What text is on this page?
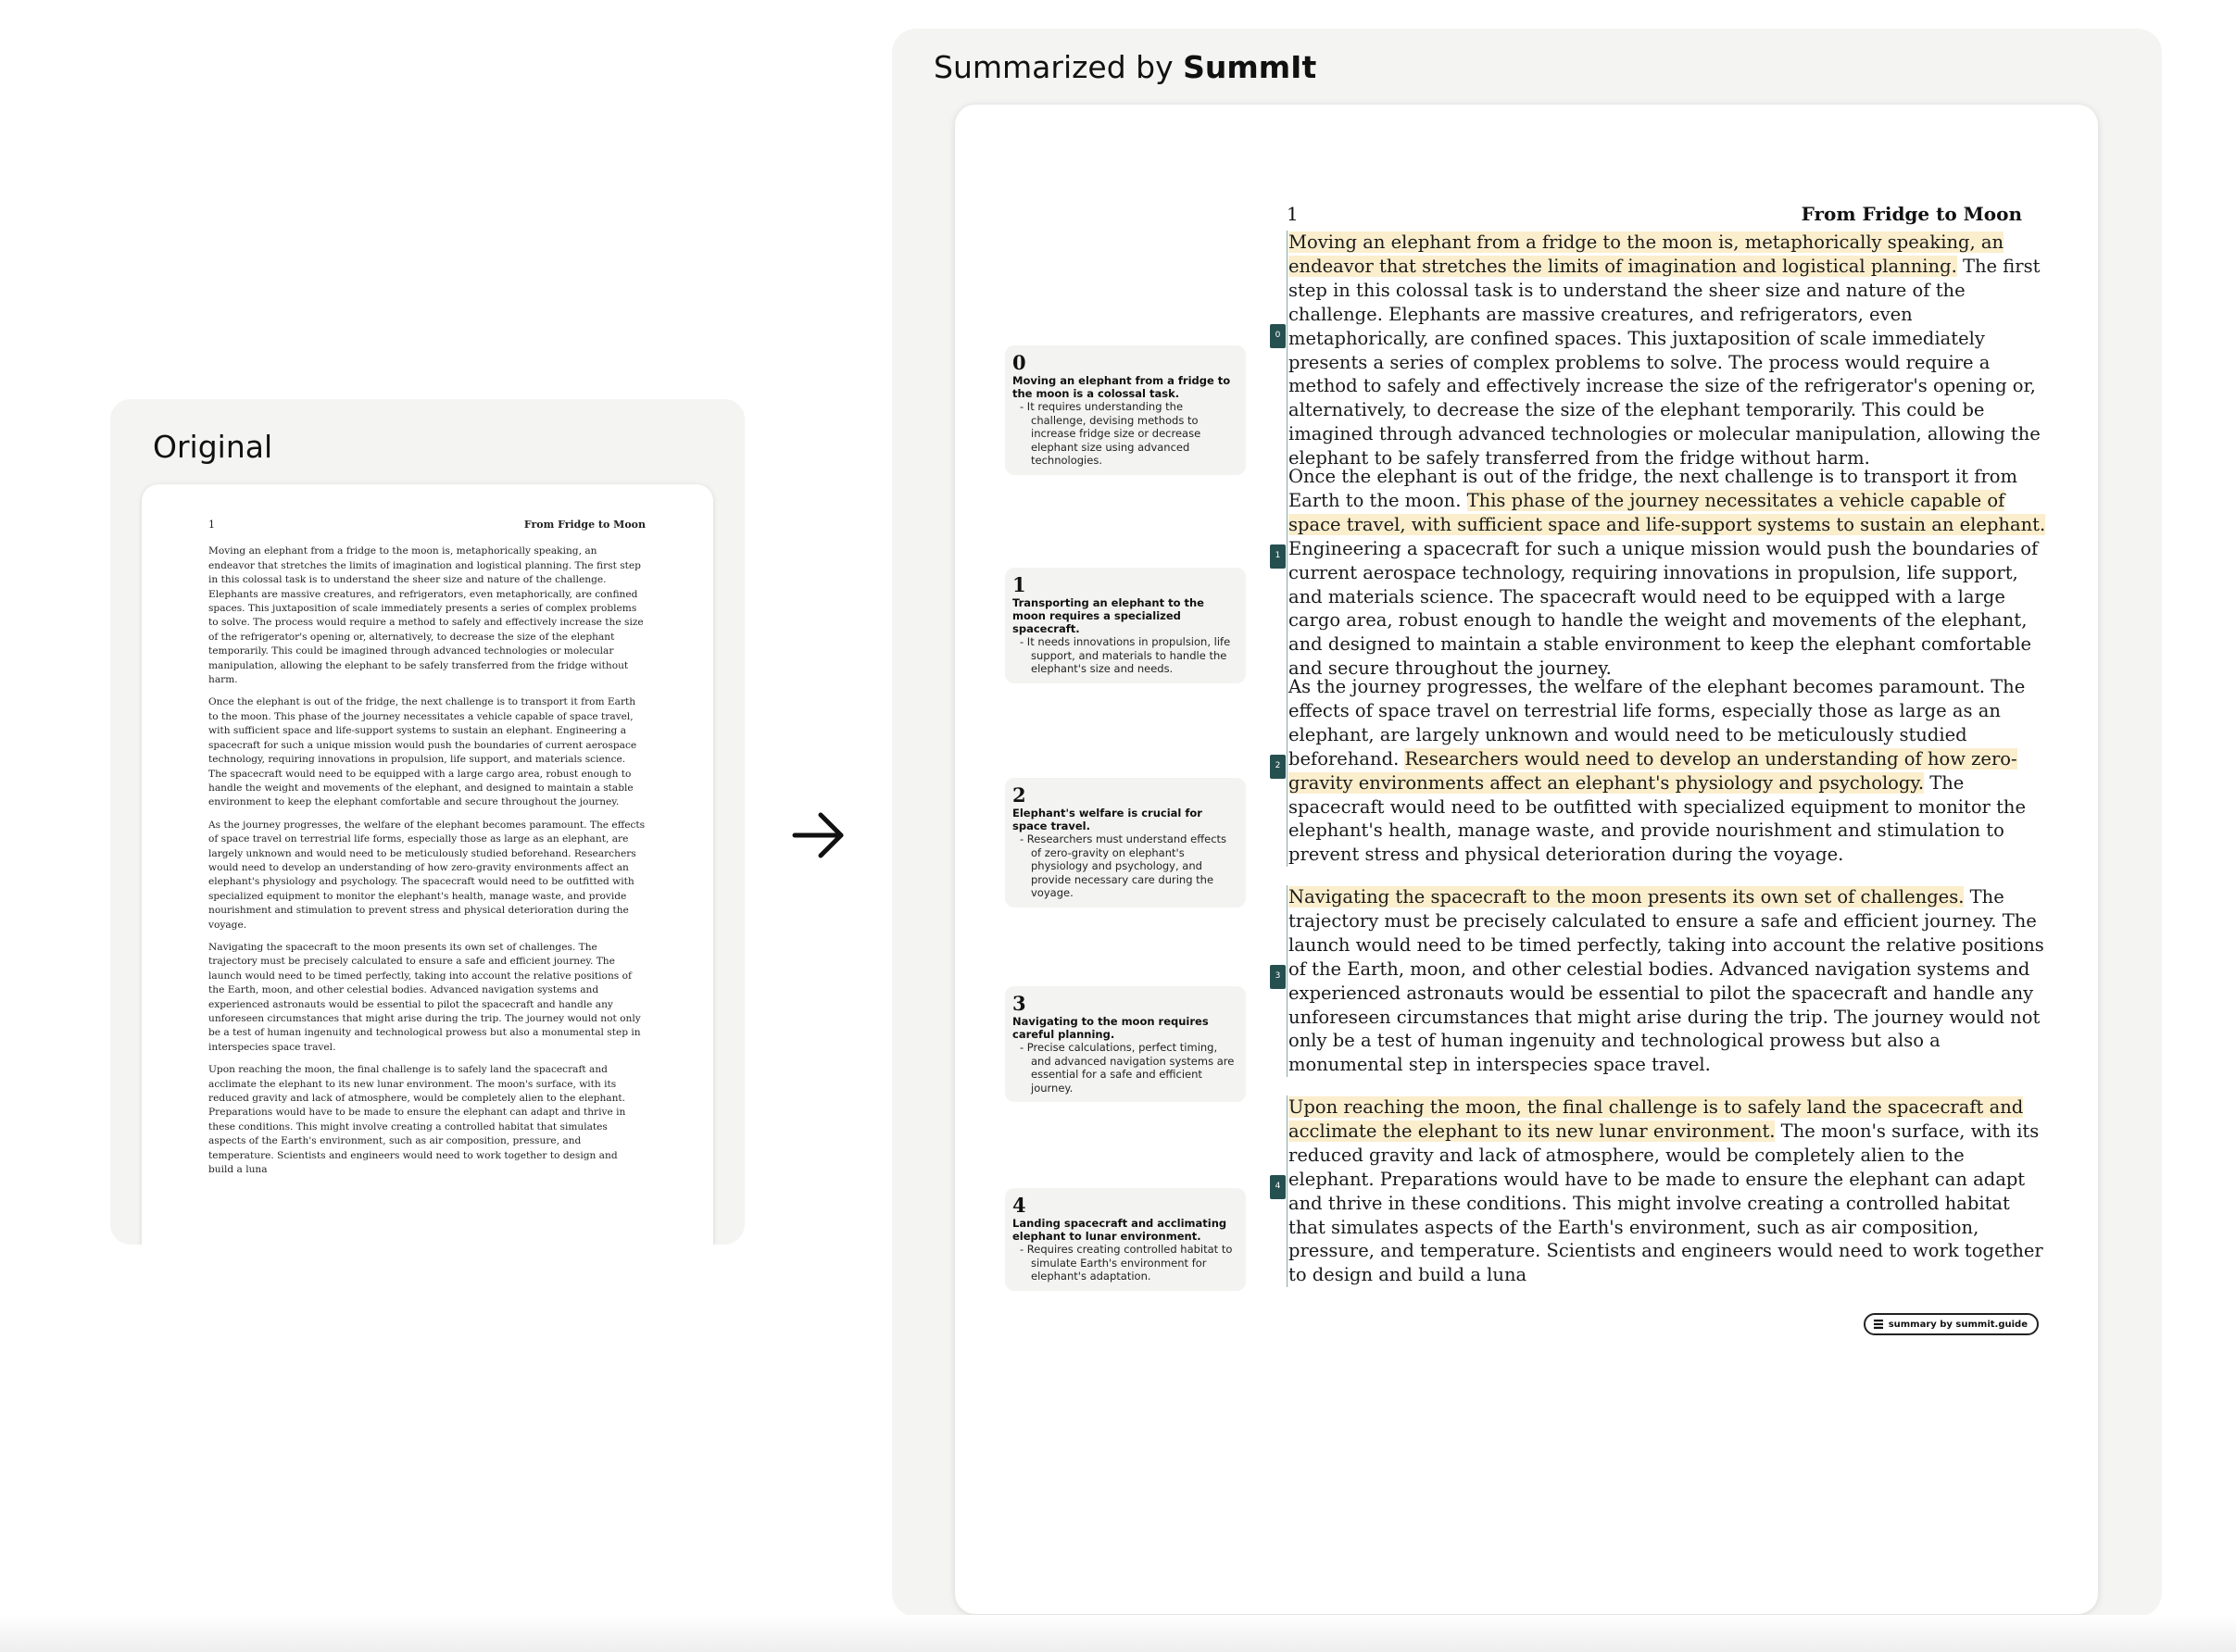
Original
1	From Fridge to Moon

Moving an elephant from a fridge to the moon is, metaphorically speaking, an endeavor that stretches the limits of imagination and logistical planning. The first step in this colossal task is to understand the sheer size and nature of the challenge. Elephants are massive creatures, and refrigerators, even metaphorically, are confined spaces. This juxtaposition of scale immediately presents a series of complex problems to solve. The process would require a method to safely and effectively increase the size of the refrigerator's opening or, alternatively, to decrease the size of the elephant temporarily. This could be imagined through advanced technologies or molecular manipulation, allowing the elephant to be safely transferred from the fridge without harm.

Once the elephant is out of the fridge, the next challenge is to transport it from Earth to the moon. This phase of the journey necessitates a vehicle capable of space travel, with sufficient space and life-support systems to sustain an elephant. Engineering a spacecraft for such a unique mission would push the boundaries of current aerospace technology, requiring innovations in propulsion, life support, and materials science. The spacecraft would need to be equipped with a large cargo area, robust enough to handle the weight and movements of the elephant, and designed to maintain a stable environment to keep the elephant comfortable and secure throughout the journey.

As the journey progresses, the welfare of the elephant becomes paramount. The effects of space travel on terrestrial life forms, especially those as large as an elephant, are largely unknown and would need to be meticulously studied beforehand. Researchers would need to develop an understanding of how zero-gravity environments affect an elephant's physiology and psychology. The spacecraft would need to be outfitted with specialized equipment to monitor the elephant's health, manage waste, and provide nourishment and stimulation to prevent stress and physical deterioration during the voyage.

Navigating the spacecraft to the moon presents its own set of challenges. The trajectory must be precisely calculated to ensure a safe and efficient journey. The launch would need to be timed perfectly, taking into account the relative positions of the Earth, moon, and other celestial bodies. Advanced navigation systems and experienced astronauts would be essential to pilot the spacecraft and handle any unforeseen circumstances that might arise during the trip. The journey would not only be a test of human ingenuity and technological prowess but also a monumental step in interspecies space travel.

Upon reaching the moon, the final challenge is to safely land the spacecraft and acclimate the elephant to its new lunar environment. The moon's surface, with its reduced gravity and lack of atmosphere, would be completely alien to the elephant. Preparations would have to be made to ensure the elephant can adapt and thrive in these conditions. This might involve creating a controlled habitat that simulates aspects of the Earth's environment, such as air composition, pressure, and temperature. Scientists and engineers would need to work together to design and build a luna

Summarized by SummIt
1	From Fridge to Moon
0
Moving an elephant from a fridge to the moon is a colossal task.
- It requires understanding the challenge, devising methods to increase fridge size or decrease elephant size using advanced technologies.
1
Transporting an elephant to the moon requires a specialized spacecraft.
- It needs innovations in propulsion, life support, and materials to handle the elephant's size and needs.
2
Elephant's welfare is crucial for space travel.
- Researchers must understand effects of zero-gravity on elephant's physiology and psychology, and provide necessary care during the voyage.
3
Navigating to the moon requires careful planning.
- Precise calculations, perfect timing, and advanced navigation systems are essential for a safe and efficient journey.
4
Landing spacecraft and acclimating elephant to lunar environment.
- Requires creating controlled habitat to simulate Earth's environment for elephant's adaptation.
0
Moving an elephant from a fridge to the moon is, metaphorically speaking, an endeavor that stretches the limits of imagination and logistical planning. The first step in this colossal task is to understand the sheer size and nature of the challenge. Elephants are massive creatures, and refrigerators, even metaphorically, are confined spaces. This juxtaposition of scale immediately presents a series of complex problems to solve. The process would require a method to safely and effectively increase the size of the refrigerator's opening or, alternatively, to decrease the size of the elephant temporarily. This could be imagined through advanced technologies or molecular manipulation, allowing the elephant to be safely transferred from the fridge without harm.
1
Once the elephant is out of the fridge, the next challenge is to transport it from Earth to the moon. This phase of the journey necessitates a vehicle capable of space travel, with sufficient space and life-support systems to sustain an elephant. Engineering a spacecraft for such a unique mission would push the boundaries of current aerospace technology, requiring innovations in propulsion, life support, and materials science. The spacecraft would need to be equipped with a large cargo area, robust enough to handle the weight and movements of the elephant, and designed to maintain a stable environment to keep the elephant comfortable and secure throughout the journey.
2
As the journey progresses, the welfare of the elephant becomes paramount. The effects of space travel on terrestrial life forms, especially those as large as an elephant, are largely unknown and would need to be meticulously studied beforehand. Researchers would need to develop an understanding of how zero-gravity environments affect an elephant's physiology and psychology. The spacecraft would need to be outfitted with specialized equipment to monitor the elephant's health, manage waste, and provide nourishment and stimulation to prevent stress and physical deterioration during the voyage.
3
Navigating the spacecraft to the moon presents its own set of challenges. The trajectory must be precisely calculated to ensure a safe and efficient journey. The launch would need to be timed perfectly, taking into account the relative positions of the Earth, moon, and other celestial bodies. Advanced navigation systems and experienced astronauts would be essential to pilot the spacecraft and handle any unforeseen circumstances that might arise during the trip. The journey would not only be a test of human ingenuity and technological prowess but also a monumental step in interspecies space travel.
4
Upon reaching the moon, the final challenge is to safely land the spacecraft and acclimate the elephant to its new lunar environment. The moon's surface, with its reduced gravity and lack of atmosphere, would be completely alien to the elephant. Preparations would have to be made to ensure the elephant can adapt and thrive in these conditions. This might involve creating a controlled habitat that simulates aspects of the Earth's environment, such as air composition, pressure, and temperature. Scientists and engineers would need to work together to design and build a luna
summary by summit.guide
